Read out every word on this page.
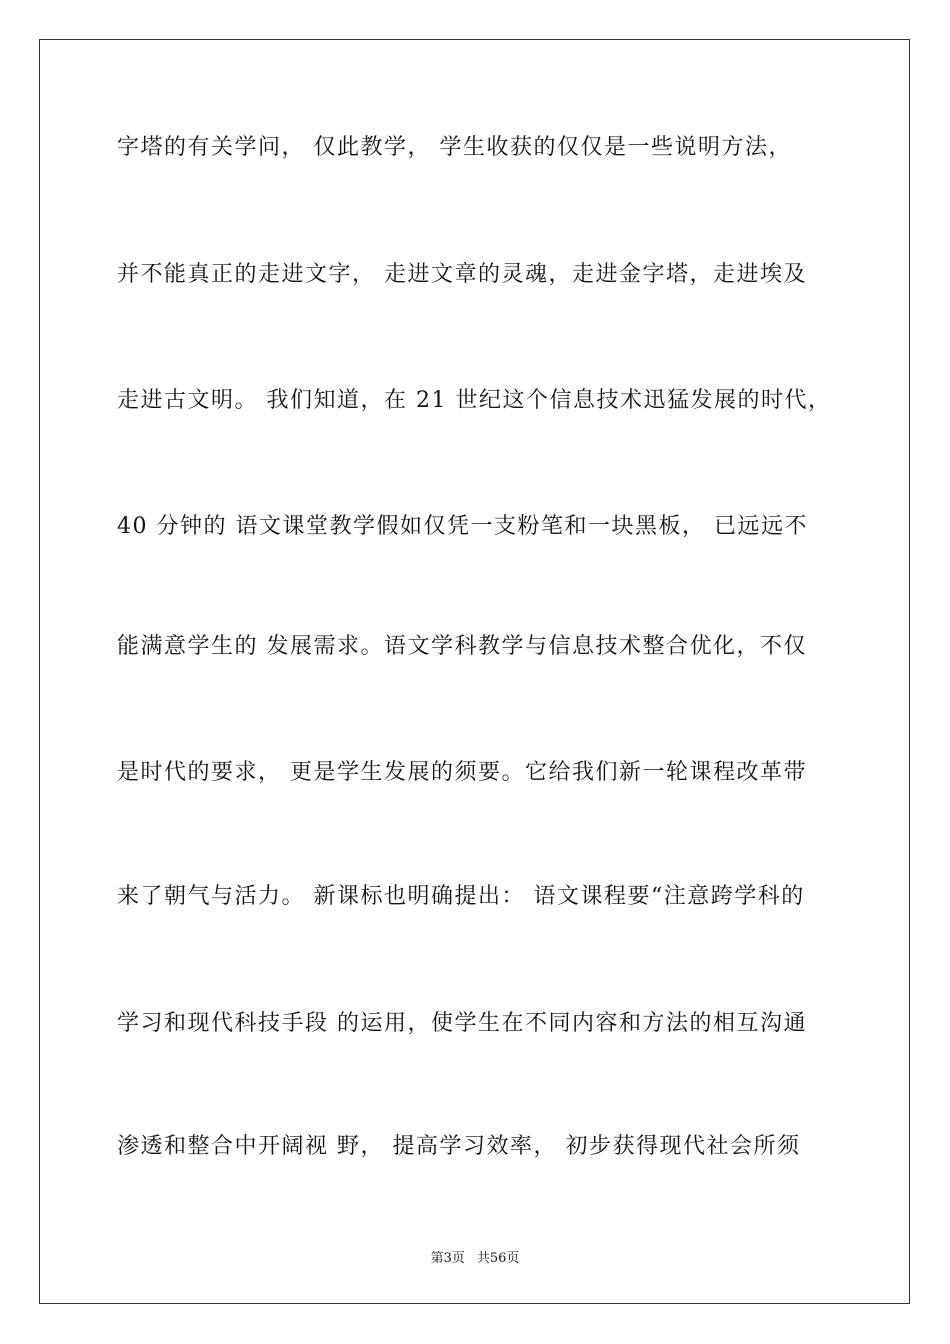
字塔的有关学问， 仅此教学， 学生收获的仅仅是一些说明方法，

并不能真正的走进文字， 走进文章的灵魂，走进金字塔，走进埃及

走进古文明。 我们知道，在 21 世纪这个信息技术迅猛发展的时代，

40 分钟的 语文课堂教学假如仅凭一支粉笔和一块黑板， 已远远不

能满意学生的 发展需求。语文学科教学与信息技术整合优化，不仅

是时代的要求， 更是学生发展的须要。它给我们新一轮课程改革带

来了朝气与活力。 新课标也明确提出： 语文课程要“注意跨学科的

学习和现代科技手段 的运用，使学生在不同内容和方法的相互沟通

渗透和整合中开阔视 野， 提高学习效率， 初步获得现代社会所须

第3页 共56页
